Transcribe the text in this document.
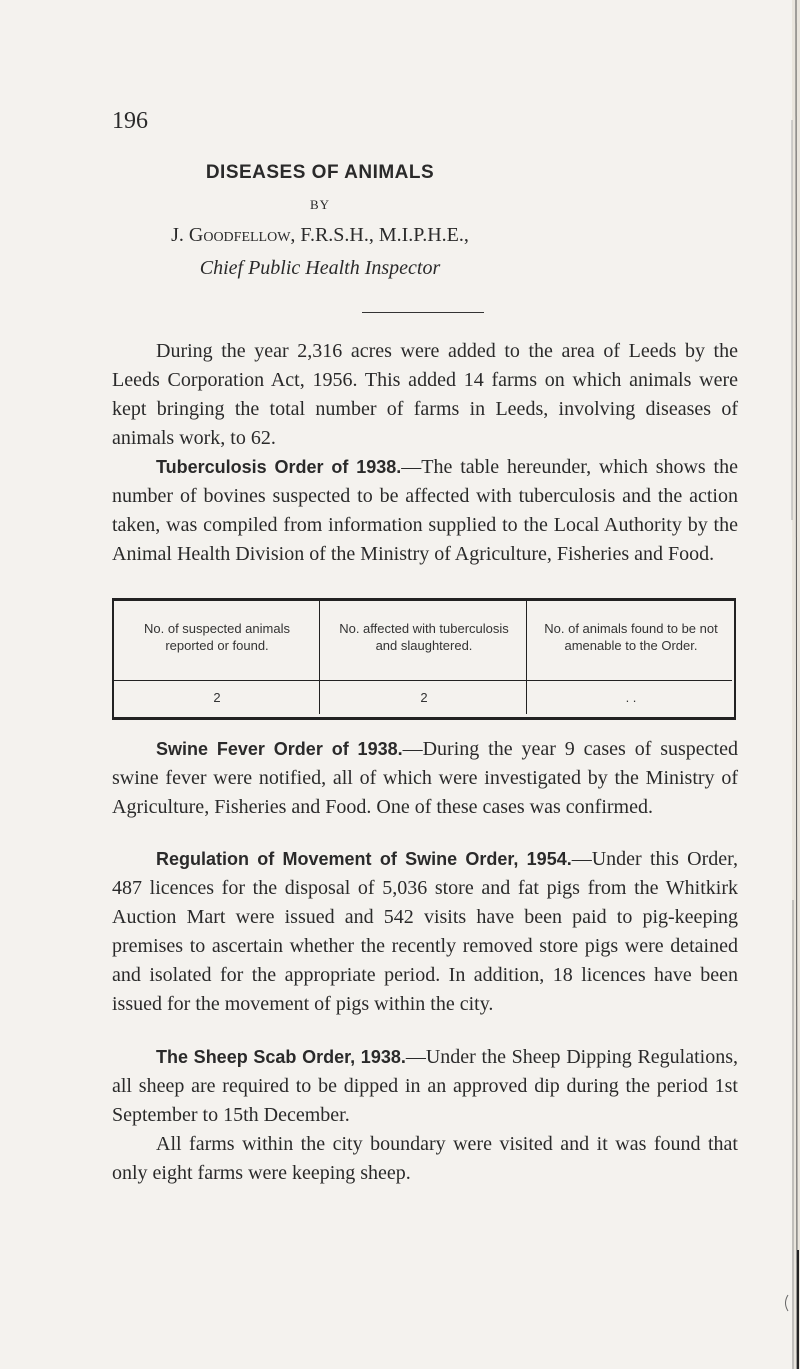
196
DISEASES OF ANIMALS
BY
J. Goodfellow, F.R.S.H., M.I.P.H.E.,
Chief Public Health Inspector
During the year 2,316 acres were added to the area of Leeds by the Leeds Corporation Act, 1956. This added 14 farms on which animals were kept bringing the total number of farms in Leeds, involving diseases of animals work, to 62.
Tuberculosis Order of 1938.—The table hereunder, which shows the number of bovines suspected to be affected with tuberculosis and the action taken, was compiled from information supplied to the Local Authority by the Animal Health Division of the Ministry of Agriculture, Fisheries and Food.
No. of suspected animals reported or found.
No. affected with tuberculosis and slaughtered.
No. of animals found to be not amenable to the Order.
2	2	. .
Swine Fever Order of 1938.—During the year 9 cases of suspected swine fever were notified, all of which were investigated by the Ministry of Agriculture, Fisheries and Food. One of these cases was confirmed.
Regulation of Movement of Swine Order, 1954.—Under this Order, 487 licences for the disposal of 5,036 store and fat pigs from the Whitkirk Auction Mart were issued and 542 visits have been paid to pig-keeping premises to ascertain whether the recently removed store pigs were detained and isolated for the appropriate period. In addition, 18 licences have been issued for the movement of pigs within the city.
The Sheep Scab Order, 1938.—Under the Sheep Dipping Regulations, all sheep are required to be dipped in an approved dip during the period 1st September to 15th December.
All farms within the city boundary were visited and it was found that only eight farms were keeping sheep.
